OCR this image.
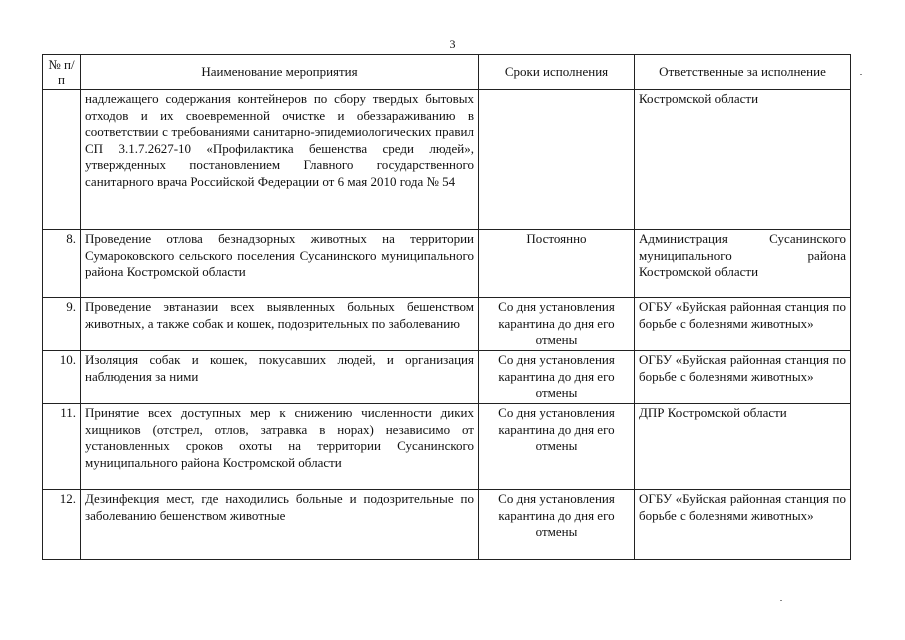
3
№ п/п	Наименование мероприятия	Сроки исполнения	Ответственные за исполнение
	надлежащего содержания контейнеров по сбору твердых бытовых отходов и их своевременной очистке и обеззараживанию в соответствии с требованиями санитарно-эпидемиологических правил СП 3.1.7.2627-10 «Профилактика бешенства среди людей», утвержденных постановлением Главного государственного санитарного врача Российской Федерации от 6 мая 2010 года № 54		Костромской области
8.	Проведение отлова безнадзорных животных на территории Сумароковского сельского поселения Сусанинского муниципального района Костромской области	Постоянно	Администрация Сусанинского муниципального района Костромской области
9.	Проведение эвтаназии всех выявленных больных бешенством животных, а также собак и кошек, подозрительных по заболеванию	Со дня установления карантина до дня его отмены	ОГБУ «Буйская районная станция по борьбе с болезнями животных»
10.	Изоляция собак и кошек, покусавших людей, и организация наблюдения за ними	Со дня установления карантина до дня его отмены	ОГБУ «Буйская районная станция по борьбе с болезнями животных»
11.	Принятие всех доступных мер к снижению численности диких хищников (отстрел, отлов, затравка в норах) независимо от установленных сроков охоты на территории Сусанинского муниципального района Костромской области	Со дня установления карантина до дня его отмены	ДПР Костромской области
12.	Дезинфекция мест, где находились больные и подозрительные по заболеванию бешенством животные	Со дня установления карантина до дня его отмены	ОГБУ «Буйская районная станция по борьбе с болезнями животных»
